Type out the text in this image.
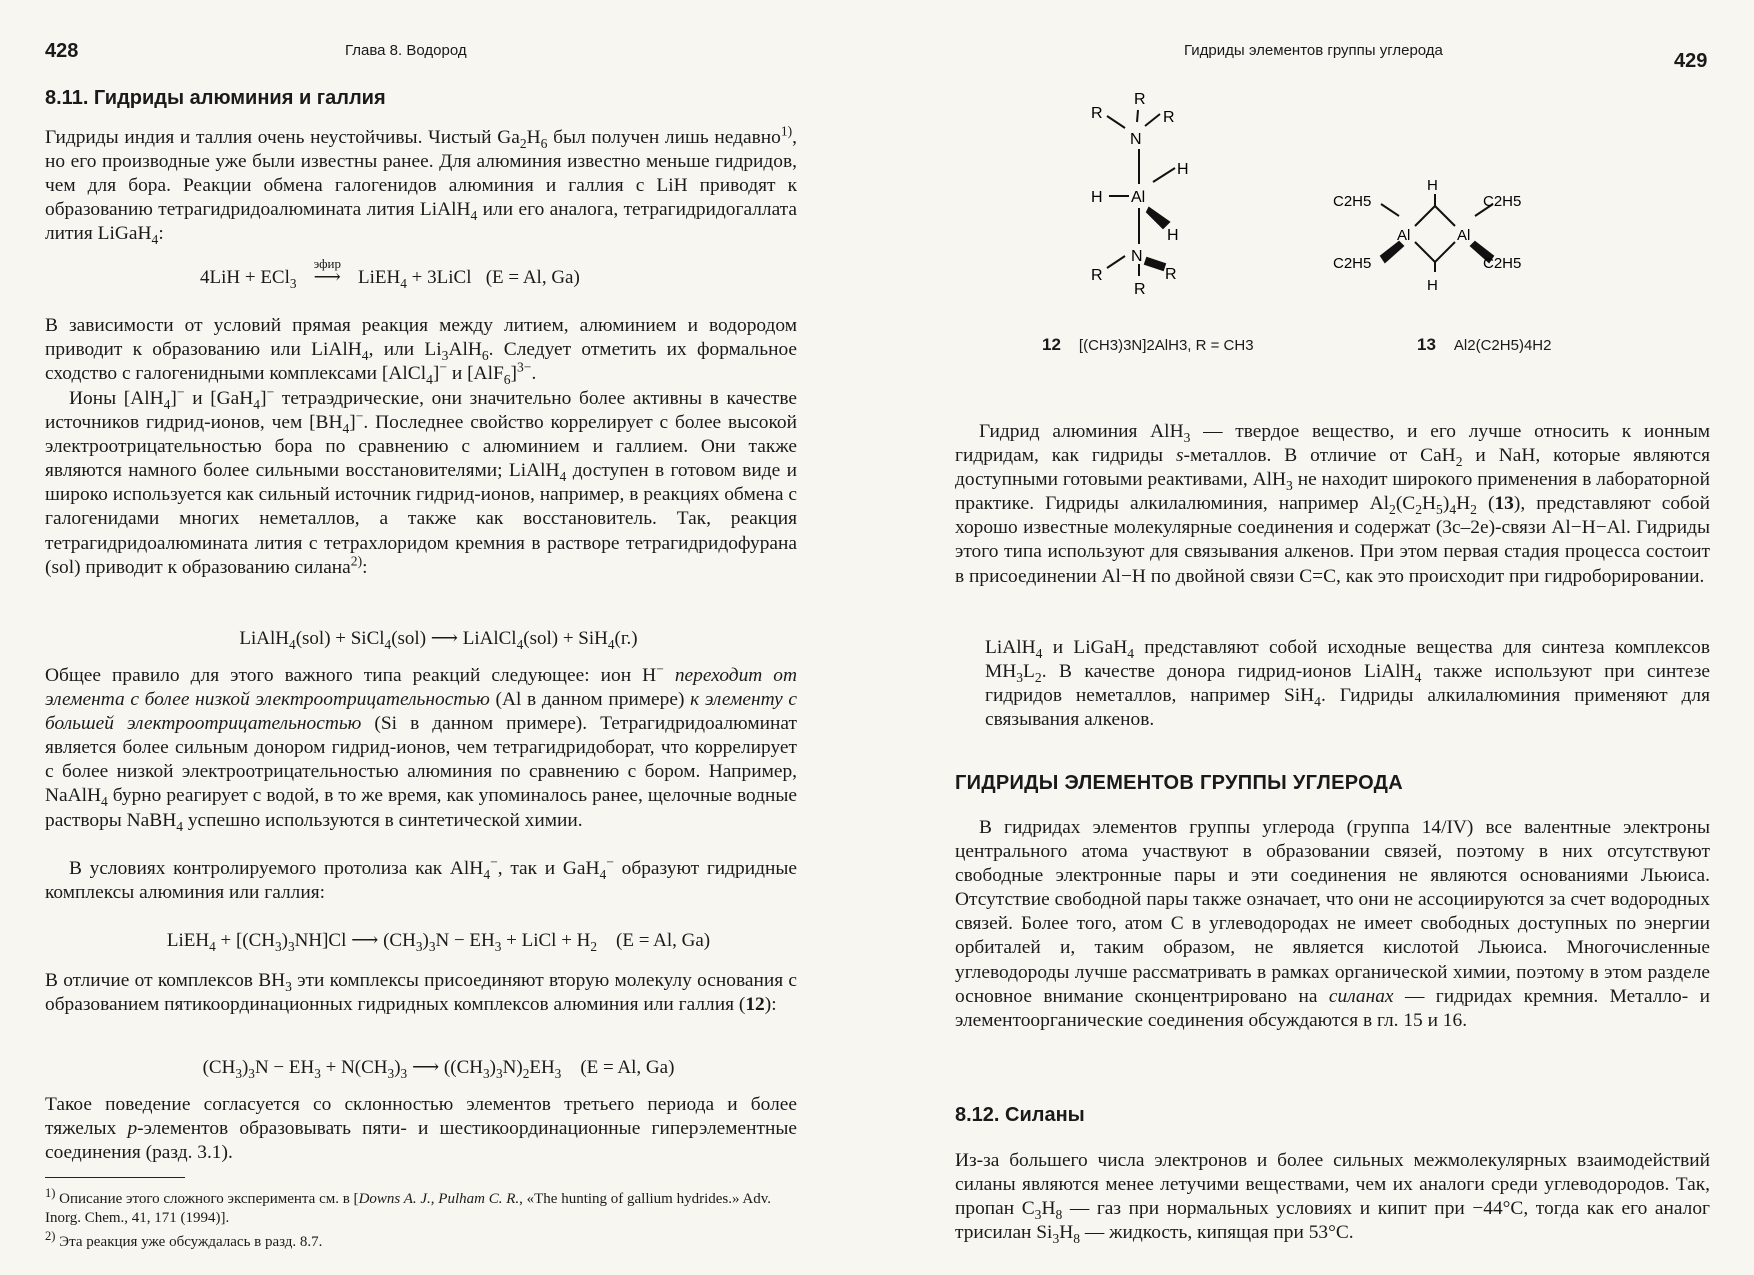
428	Глава 8. Водород
8.11. Гидриды алюминия и галлия

Гидриды индия и таллия очень неустойчивы. Чистый $Ga_2H_6$ был получен лишь недавно$^{1)}$, но его производные уже были известны ранее. Для алюминия известно меньше гидридов, чем для бора. Реакции обмена галогенидов алюминия и галлия с LiH приводят к образованию тетрагидридоалюмината лития LiAlH$_4$ или его аналога, тетрагидридогаллата лития LiGaH$_4$:

4LiH + ECl$_3$
эфир
⟶ LiEH$_4$ + 3LiCl   (E = Al, Ga)

В зависимости от условий прямая реакция между литием, алюминием и водородом приводит к образованию или LiAlH$_4$, или $Li_3AlH_6$. Следует отметить их формальное сходство с галогенидными комплексами [AlCl$_4$]− и $[AlF_6]^{3-}$.

Ионы [AlH$_4$]− и [GaH$_4$]− тетраэдрические, они значительно более активны в качестве источников гидрид-ионов, чем $[BH_4]^-$. Последнее свойство коррелирует с более высокой электроотрицательностью бора по сравнению с алюминием и галлием. Они также являются намного более сильными восстановителями; LiAlH$_4$ доступен в готовом виде и широко используется как сильный источник гидрид-ионов, например, в реакциях обмена с галогенидами многих неметаллов, а также как восстановитель. Так, реакция тетрагидридоалюмината лития с тетрахлоридом кремния в растворе тетрагидридофурана (sol) приводит к образованию силана$^{2)}$:

LiAlH$_4$(sol) + SiCl$_4$(sol) ⟶ LiAlCl$_4$(sol) + SiH$_4$(г.)

Общее правило для этого важного типа реакций следующее: ион H− переходит от элемента с более низкой электроотрицательностью (Al в данном примере) к элементу с большей электроотрицательностью (Si в данном примере). Тетрагидридоалюминат является более сильным донором гидрид-ионов, чем тетрагидридоборат, что коррелирует с более низкой электроотрицательностью алюминия по сравнению с бором. Например, NaAlH$_4$ бурно реагирует с водой, в то же время, как упоминалось ранее, щелочные водные растворы NaBH$_4$ успешно используются в синтетической химии.

В условиях контролируемого протолиза как AlH$_4$−, так и GaH$_4$− образуют гидридные комплексы алюминия или галлия:

LiEH$_4$ + $[(CH_3)_3NH]Cl$ ⟶ $(CH_3)_3N - EH_3$ + LiCl + $H_2$    (E = Al, Ga)

В отличие от комплексов $BH_3$ эти комплексы присоединяют вторую молекулу основания с образованием пятикоординационных гидридных комплексов алюминия или галлия (12):

$(CH_3)_3N - EH_3 + N(CH_3)_3$ ⟶ $((CH_3)_3N)_2EH_3$    (E = Al, Ga)

Такое поведение согласуется со склонностью элементов третьего периода и более тяжелых p-элементов образовывать пяти- и шестикоординационные гиперэлементные соединения (разд. 3.1).

$^{1)}$ Описание этого сложного эксперимента см. в [Downs A. J., Pulham C. R., «The hunting of gallium hydrides.» Adv. Inorg. Chem., 41, 171 (1994)].

$^{2)}$ Эта реакция уже обсуждалась в разд. 8.7.

Гидриды элементов группы углерода	429
R
R	R
N
H
H Al
H
N
R	R
R
H
Al	Al
H
C2H5
C2H5
C2H5
C2H5
12 [(CH3)3N]2AlH3, R = CH3	13 Al2(C2H5)4H2

Гидрид алюминия AlH$_3$ — твердое вещество, и его лучше относить к ионным гидридам, как гидриды s-металлов. В отличие от CaH$_2$ и NaH, которые являются доступными готовыми реактивами, AlH$_3$ не находит широкого применения в лабораторной практике. Гидриды алкилалюминия, например $Al_2(C_2H_5)_4H_2$ (13), представляют собой хорошо известные молекулярные соединения и содержат (3c–2e)-связи Al−H−Al. Гидриды этого типа используют для связывания алкенов. При этом первая стадия процесса состоит в присоединении Al−H по двойной связи C=C, как это происходит при гидроборировании.

LiAlH$_4$ и LiGaH$_4$ представляют собой исходные вещества для синтеза комплексов $MH_3L_2$. В качестве донора гидрид-ионов LiAlH$_4$ также используют при синтезе гидридов неметаллов, например SiH$_4$. Гидриды алкилалюминия применяют для связывания алкенов.

ГИДРИДЫ ЭЛЕМЕНТОВ ГРУППЫ УГЛЕРОДА

В гидридах элементов группы углерода (группа 14/IV) все валентные электроны центрального атома участвуют в образовании связей, поэтому в них отсутствуют свободные электронные пары и эти соединения не являются основаниями Льюиса. Отсутствие свободной пары также означает, что они не ассоциируются за счет водородных связей. Более того, атом C в углеводородах не имеет свободных доступных по энергии орбиталей и, таким образом, не является кислотой Льюиса. Многочисленные углеводороды лучше рассматривать в рамках органической химии, поэтому в этом разделе основное внимание сконцентрировано на силанах — гидридах кремния. Металло- и элементоорганические соединения обсуждаются в гл. 15 и 16.

8.12. Силаны

Из-за большего числа электронов и более сильных межмолекулярных взаимодействий силаны являются менее летучими веществами, чем их аналоги среди углеводородов. Так, пропан $C_3H_8$ — газ при нормальных условиях и кипит при −44°C, тогда как его аналог трисилан $Si_3H_8$ — жидкость, кипящая при 53°C.
